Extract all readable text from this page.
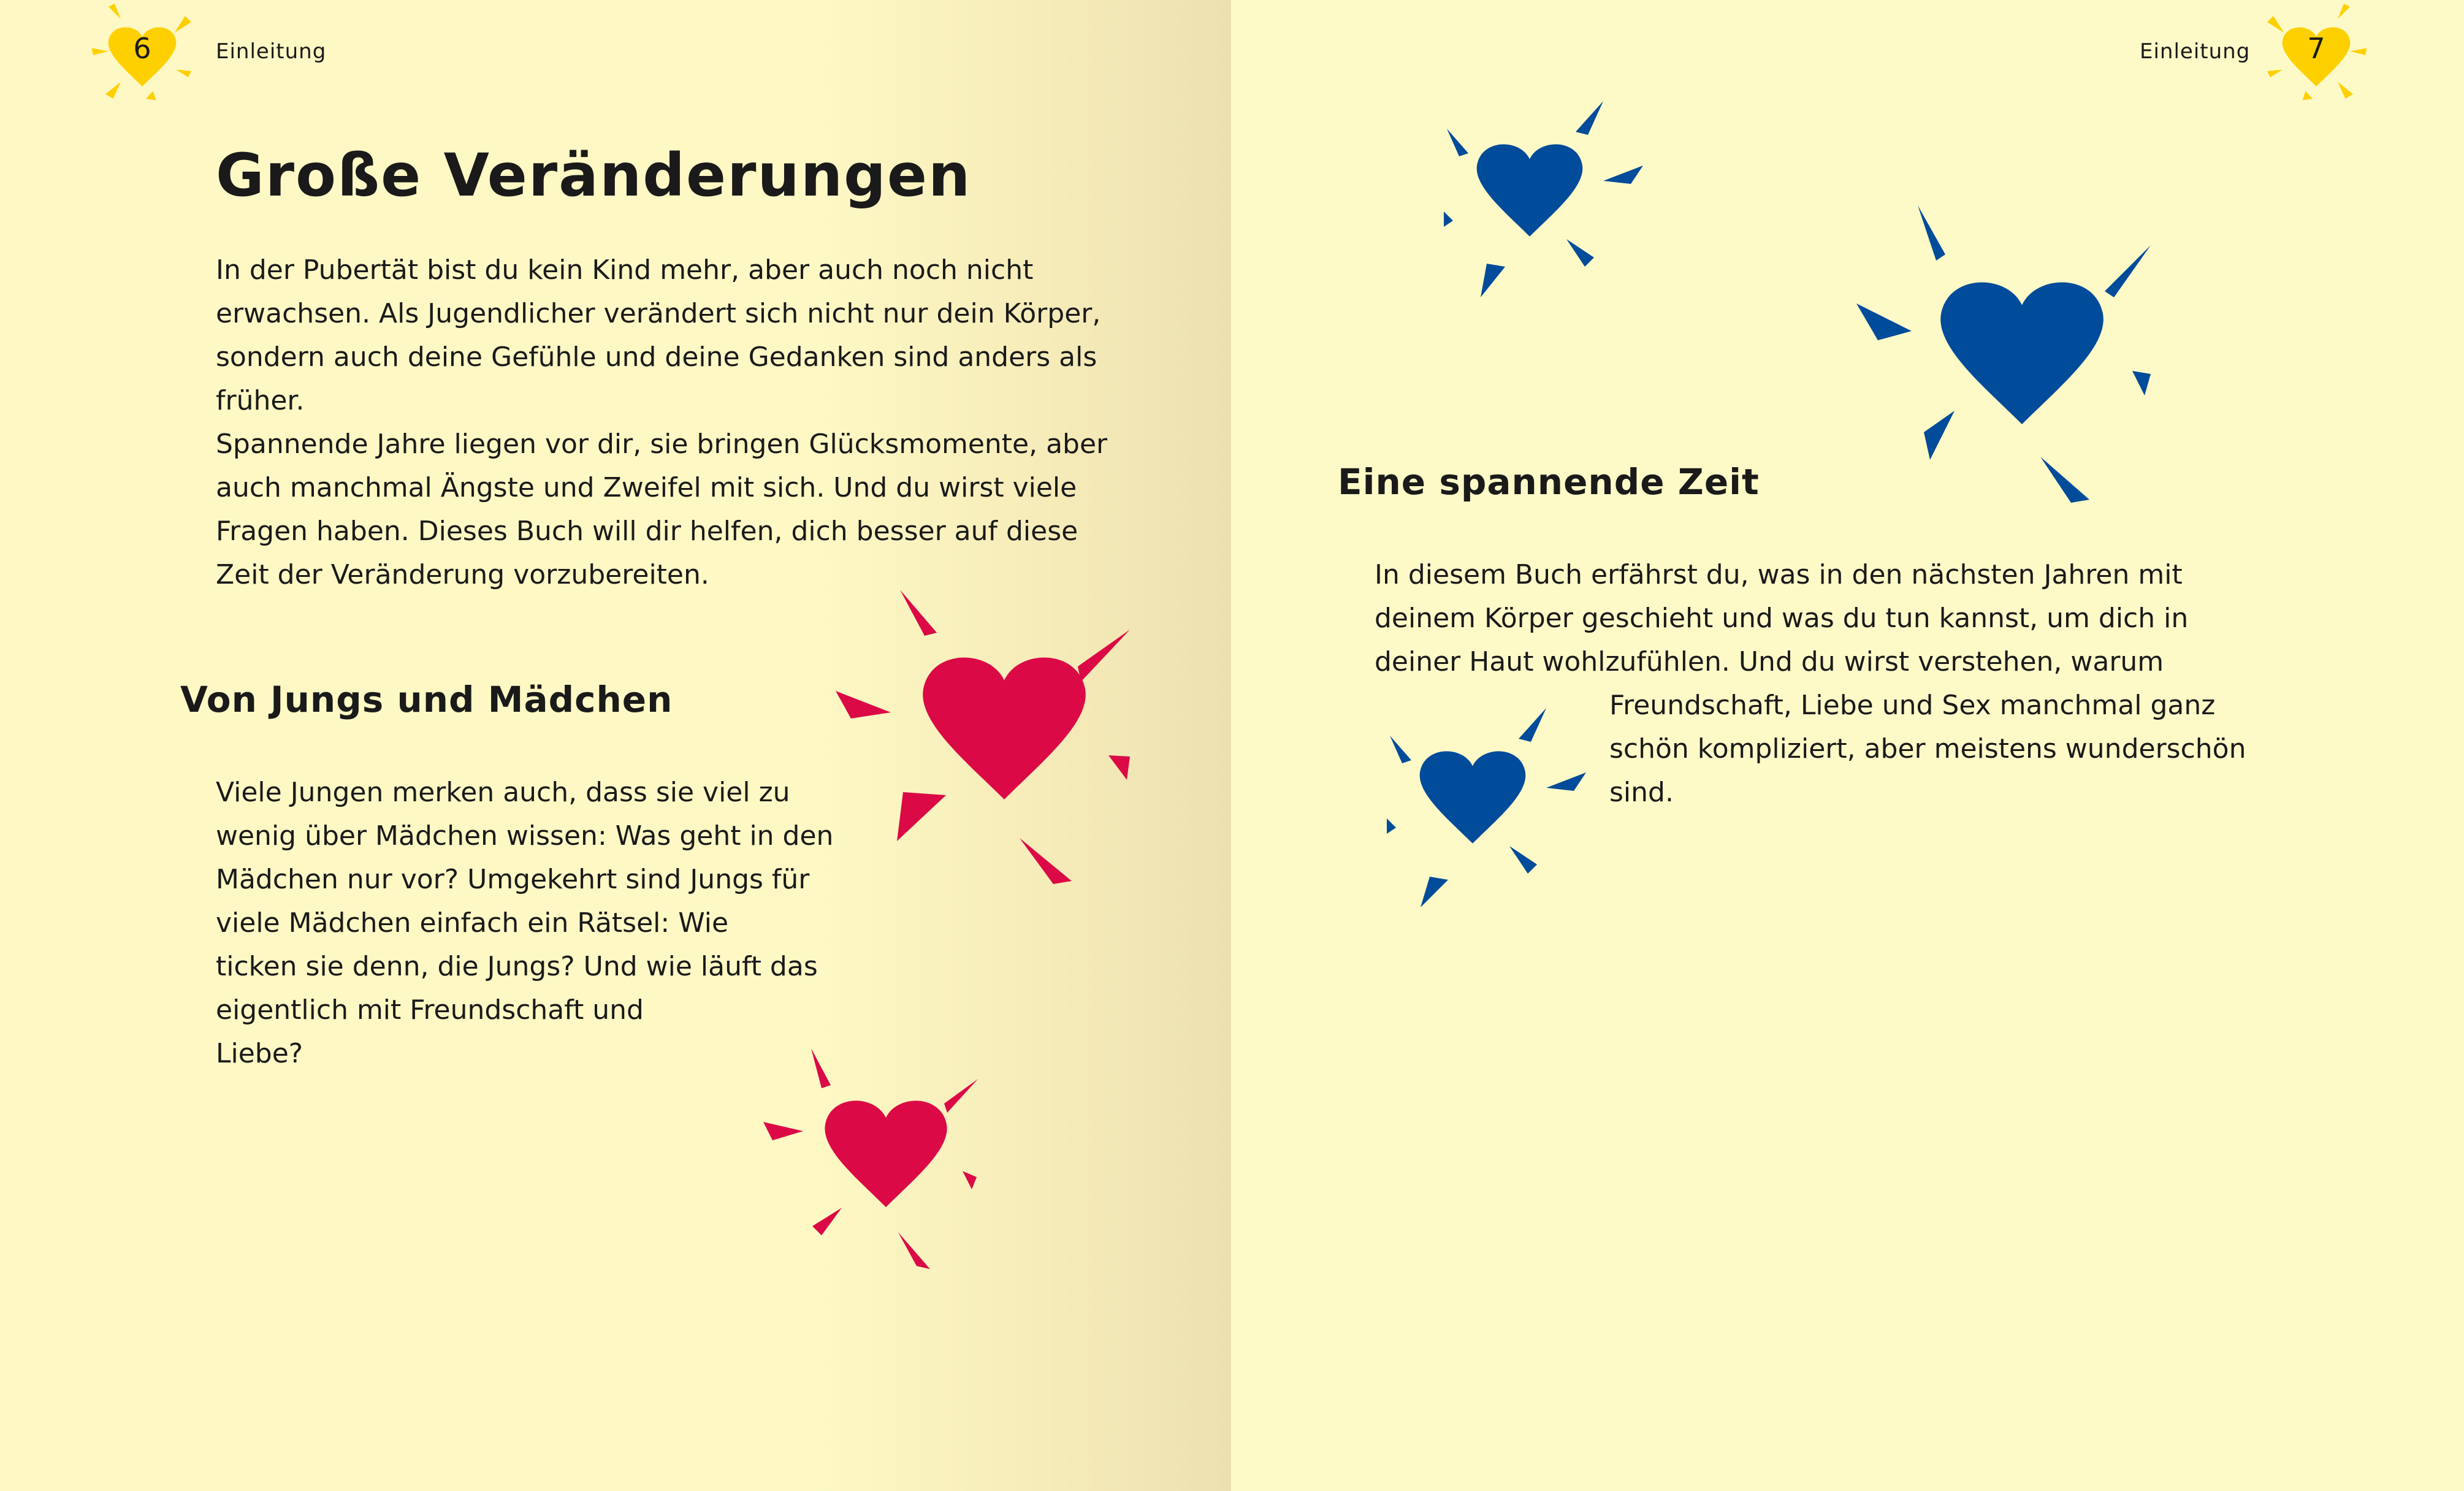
6	Einleitung	7
Einleitung
Große Veränderungen

In der Pubertät bist du kein Kind mehr, aber auch noch nicht
erwachsen. Als Jugendlicher verändert sich nicht nur dein Körper,
sondern auch deine Gefühle und deine Gedanken sind anders als
früher.
Spannende Jahre liegen vor dir, sie bringen Glücksmomente, aber
auch manchmal Ängste und Zweifel mit sich. Und du wirst viele
Fragen haben. Dieses Buch will dir helfen, dich besser auf diese
Zeit der Veränderung vorzubereiten.

Von Jungs und Mädchen

Viele Jungen merken auch, dass sie viel zu
wenig über Mädchen wissen: Was geht in den
Mädchen nur vor? Umgekehrt sind Jungs für
viele Mädchen einfach ein Rätsel: Wie
ticken sie denn, die Jungs? Und wie läuft das
eigentlich mit Freundschaft und
Liebe?

Eine spannende Zeit

In diesem Buch erfährst du, was in den nächsten Jahren mit
deinem Körper geschieht und was du tun kannst, um dich in
deiner Haut wohlzufühlen. Und du wirst verstehen, warum

Freundschaft, Liebe und Sex manchmal ganz
schön kompliziert, aber meistens wunderschön
sind.
